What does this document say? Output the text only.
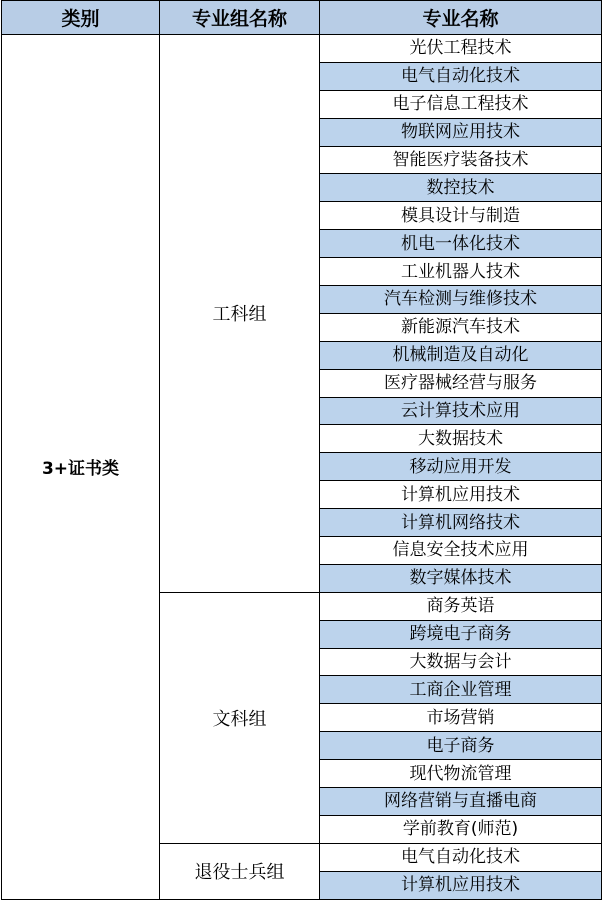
类别	专业组名称	专业名称
3+证书类	工科组	光伏工程技术
		电气自动化技术
		电子信息工程技术
		物联网应用技术
		智能医疗装备技术
		数控技术
		模具设计与制造
		机电一体化技术
		工业机器人技术
		汽车检测与维修技术
		新能源汽车技术
		机械制造及自动化
		医疗器械经营与服务
		云计算技术应用
		大数据技术
		移动应用开发
		计算机应用技术
		计算机网络技术
		信息安全技术应用
		数字媒体技术
	文科组	商务英语
		跨境电子商务
		大数据与会计
		工商企业管理
		市场营销
		电子商务
		现代物流管理
		网络营销与直播电商
		学前教育(师范)
	退役士兵组	电气自动化技术
		计算机应用技术
